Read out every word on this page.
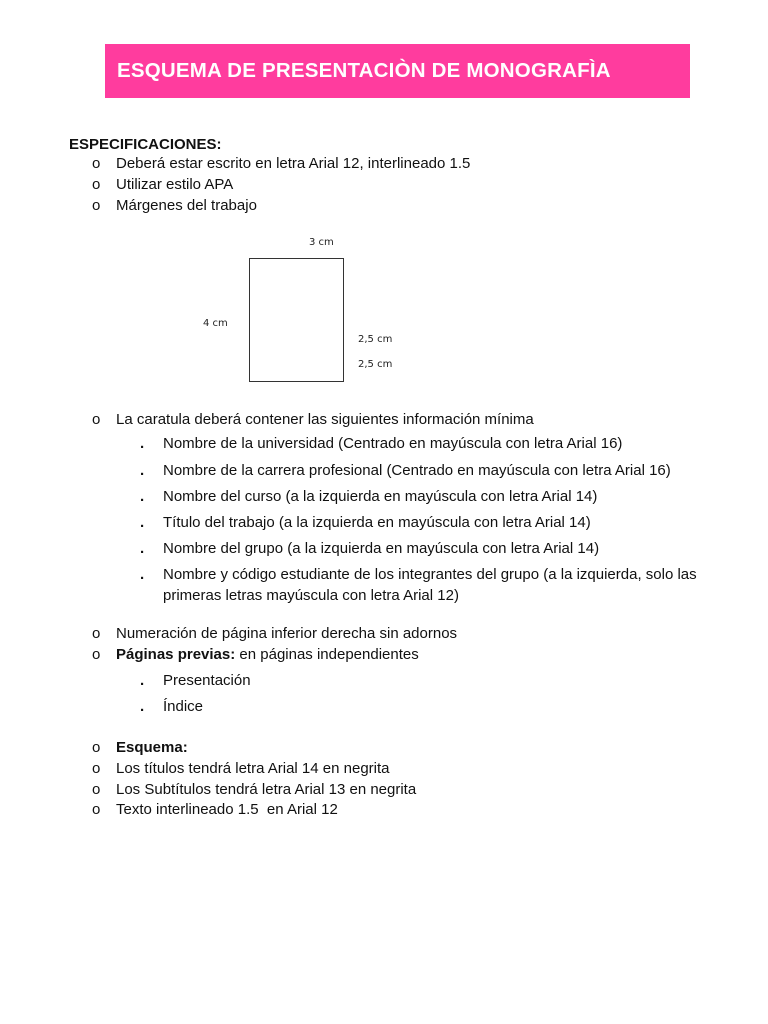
ESQUEMA DE PRESENTACIÒN DE MONOGRAFÌA
ESPECIFICACIONES:
o Deberá estar escrito en letra Arial 12, interlineado 1.5
o Utilizar estilo APA
o Márgenes del trabajo
3 cm
4 cm
2,5 cm
2,5 cm
o La caratula deberá contener las siguientes información mínima
. Nombre de la universidad (Centrado en mayúscula con letra Arial 16)
. Nombre de la carrera profesional (Centrado en mayúscula con letra Arial 16)
. Nombre del curso (a la izquierda en mayúscula con letra Arial 14)
. Título del trabajo (a la izquierda en mayúscula con letra Arial 14)
. Nombre del grupo (a la izquierda en mayúscula con letra Arial 14)
. Nombre y código estudiante de los integrantes del grupo (a la izquierda, solo las primeras letras mayúscula con letra Arial 12)
o Numeración de página inferior derecha sin adornos
o Páginas previas: en páginas independientes
. Presentación
. Índice
o Esquema:
o Los títulos tendrá letra Arial 14 en negrita
o Los Subtítulos tendrá letra Arial 13 en negrita
o Texto interlineado 1.5  en Arial 12
